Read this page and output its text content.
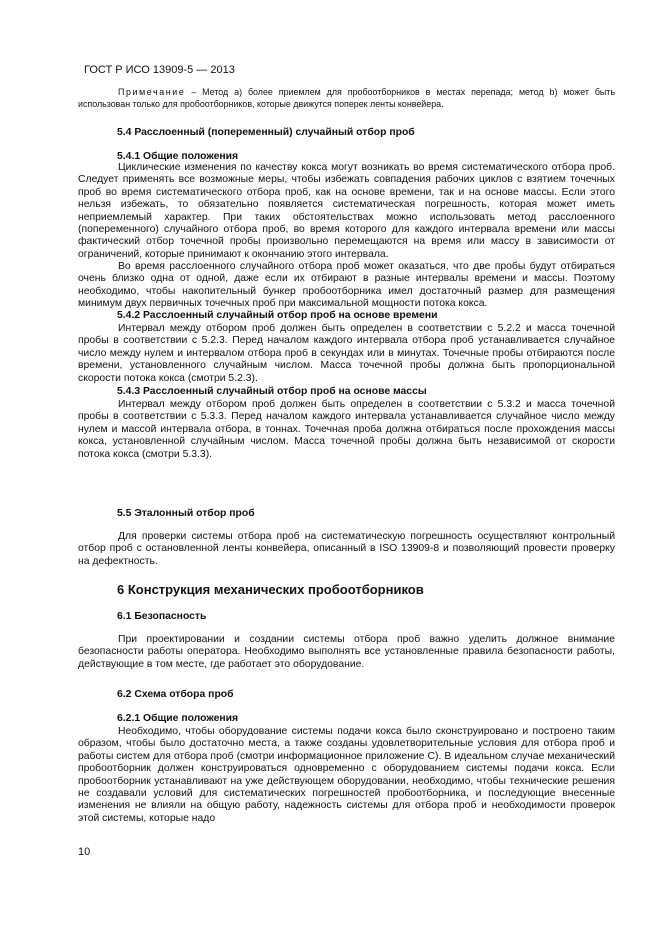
ГОСТ Р ИСО 13909-5 — 2013
Примечание – Метод a) более приемлем для пробоотборников в местах перепада; метод b) может быть использован только для пробоотборников, которые движутся поперек ленты конвейера.
5.4 Расслоенный (попеременный) случайный отбор проб
5.4.1 Общие положения
Циклические изменения по качеству кокса могут возникать во время систематического отбора проб. Следует применять все возможные меры, чтобы избежать совпадения рабочих циклов с взятием точечных проб во время систематического отбора проб, как на основе времени, так и на основе массы. Если этого нельзя избежать, то обязательно появляется систематическая погрешность, которая может иметь неприемлемый характер. При таких обстоятельствах можно использовать метод расслоенного (попеременного) случайного отбора проб, во время которого для каждого интервала времени или массы фактический отбор точечной пробы произвольно перемещаются на время или массу в зависимости от ограничений, которые принимают к окончанию этого интервала.
Во время расслоенного случайного отбора проб может оказаться, что две пробы будут отбираться очень близко одна от одной, даже если их отбирают в разные интервалы времени и массы. Поэтому необходимо, чтобы накопительный бункер пробоотборника имел достаточный размер для размещения минимум двух первичных точечных проб при максимальной мощности потока кокса.
5.4.2 Расслоенный случайный отбор проб на основе времени
Интервал между отбором проб должен быть определен в соответствии с 5.2.2 и масса точечной пробы в соответствии с 5.2.3. Перед началом каждого интервала отбора проб устанавливается случайное число между нулем и интервалом отбора проб в секундах или в минутах. Точечные пробы отбираются после времени, установленного случайным числом. Масса точечной пробы должна быть пропорциональной скорости потока кокса (смотри 5.2.3).
5.4.3 Расслоенный случайный отбор проб на основе массы
Интервал между отбором проб должен быть определен в соответствии с 5.3.2 и масса точечной пробы в соответствии с 5.3.3. Перед началом каждого интервала устанавливается случайное число между нулем и массой интервала отбора, в тоннах. Точечная проба должна отбираться после прохождения массы кокса, установленной случайным числом. Масса точечной пробы должна быть независимой от скорости потока кокса (смотри 5.3.3).
5.5 Эталонный отбор проб
Для проверки системы отбора проб на систематическую погрешность осуществляют контрольный отбор проб с остановленной ленты конвейера, описанный в ISO 13909-8 и позволяющий провести проверку на дефектность.
6 Конструкция механических пробоотборников
6.1 Безопасность
При проектировании и создании системы отбора проб важно уделить должное внимание безопасности работы оператора. Необходимо выполнять все установленные правила безопасности работы, действующие в том месте, где работает это оборудование.
6.2 Схема отбора проб
6.2.1 Общие положения
Необходимо, чтобы оборудование системы подачи кокса было сконструировано и построено таким образом, чтобы было достаточно места, а также созданы удовлетворительные условия для отбора проб и работы систем для отбора проб (смотри информационное приложение С). В идеальном случае механический пробоотборник должен конструироваться одновременно с оборудованием системы подачи кокса. Если пробоотборник устанавливают на уже действующем оборудовании, необходимо, чтобы технические решения не создавали условий для систематических погрешностей пробоотборника, и последующие внесенные изменения не влияли на общую работу, надежность системы для отбора проб и необходимости проверок этой системы, которые надо
10
